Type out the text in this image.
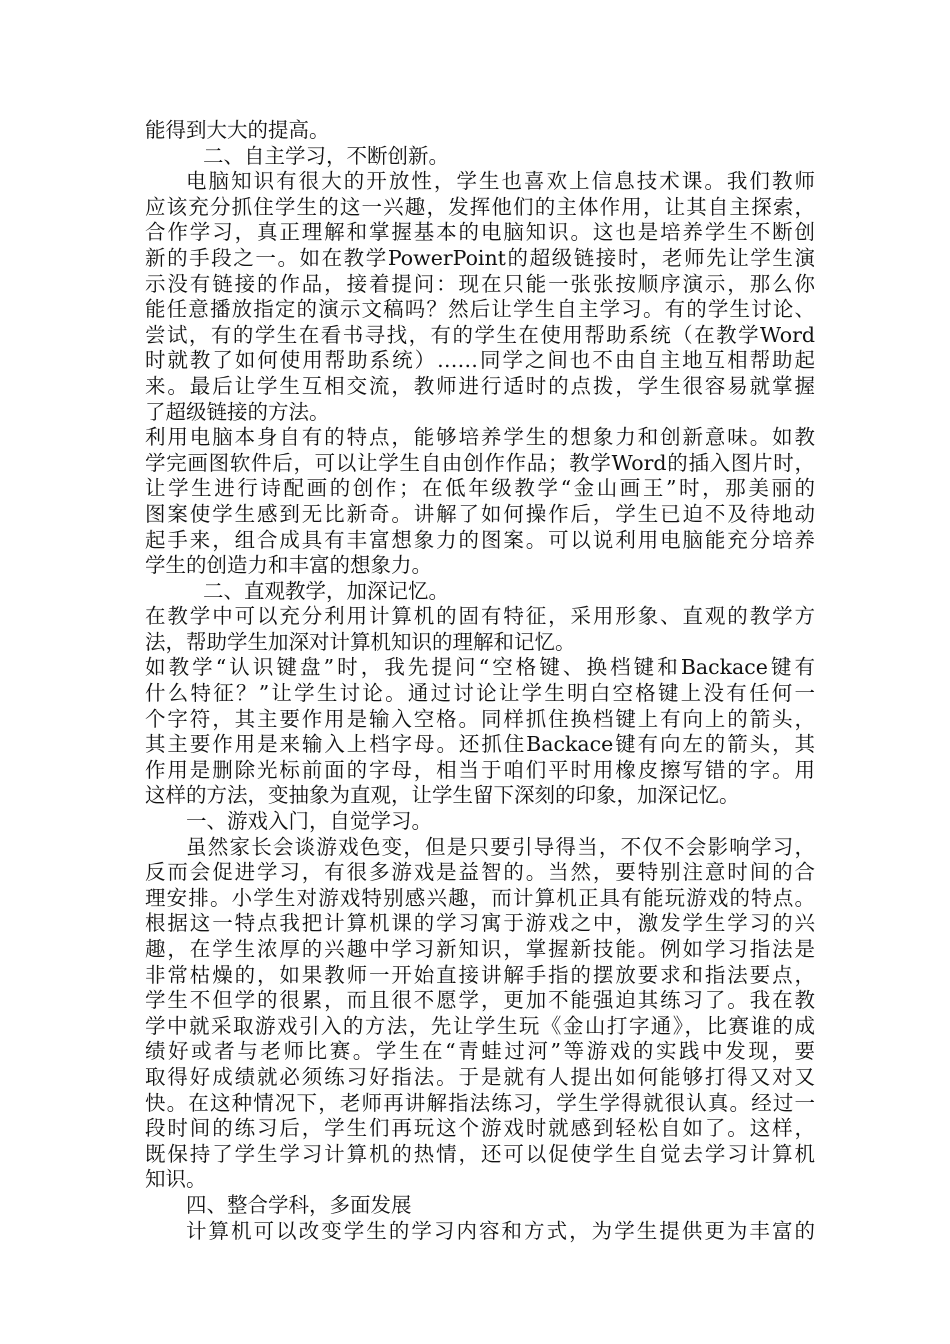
能得到大大的提高。
二、自主学习，不断创新。
电脑知识有很大的开放性，学生也喜欢上信息技术课。我们教师
应该充分抓住学生的这一兴趣，发挥他们的主体作用，让其自主探索，
合作学习，真正理解和掌握基本的电脑知识。这也是培养学生不断创
新的手段之一。如在教学PowerPoint的超级链接时，老师先让学生演
示没有链接的作品，接着提问：现在只能一张张按顺序演示，那么你
能任意播放指定的演示文稿吗？然后让学生自主学习。有的学生讨论、
尝试，有的学生在看书寻找，有的学生在使用帮助系统（在教学Word
时就教了如何使用帮助系统）……同学之间也不由自主地互相帮助起
来。最后让学生互相交流，教师进行适时的点拨，学生很容易就掌握
了超级链接的方法。
利用电脑本身自有的特点，能够培养学生的想象力和创新意味。如教
学完画图软件后，可以让学生自由创作作品；教学Word的插入图片时，
让学生进行诗配画的创作；在低年级教学“金山画王”时，那美丽的
图案使学生感到无比新奇。讲解了如何操作后，学生已迫不及待地动
起手来，组合成具有丰富想象力的图案。可以说利用电脑能充分培养
学生的创造力和丰富的想象力。
二、直观教学，加深记忆。
在教学中可以充分利用计算机的固有特征，采用形象、直观的教学方
法，帮助学生加深对计算机知识的理解和记忆。
如教学“认识键盘”时，我先提问“空格键、换档键和Backace键有
什么特征？”让学生讨论。通过讨论让学生明白空格键上没有任何一
个字符，其主要作用是输入空格。同样抓住换档键上有向上的箭头，
其主要作用是来输入上档字母。还抓住Backace键有向左的箭头，其
作用是删除光标前面的字母，相当于咱们平时用橡皮擦写错的字。用
这样的方法，变抽象为直观，让学生留下深刻的印象，加深记忆。
一、游戏入门，自觉学习。
虽然家长会谈游戏色变，但是只要引导得当，不仅不会影响学习，
反而会促进学习，有很多游戏是益智的。当然，要特别注意时间的合
理安排。小学生对游戏特别感兴趣，而计算机正具有能玩游戏的特点。
根据这一特点我把计算机课的学习寓于游戏之中，激发学生学习的兴
趣，在学生浓厚的兴趣中学习新知识，掌握新技能。例如学习指法是
非常枯燥的，如果教师一开始直接讲解手指的摆放要求和指法要点，
学生不但学的很累，而且很不愿学，更加不能强迫其练习了。我在教
学中就采取游戏引入的方法，先让学生玩《金山打字通》，比赛谁的成
绩好或者与老师比赛。学生在“青蛙过河”等游戏的实践中发现，要
取得好成绩就必须练习好指法。于是就有人提出如何能够打得又对又
快。在这种情况下，老师再讲解指法练习，学生学得就很认真。经过一
段时间的练习后，学生们再玩这个游戏时就感到轻松自如了。这样，
既保持了学生学习计算机的热情，还可以促使学生自觉去学习计算机
知识。
四、整合学科，多面发展
计算机可以改变学生的学习内容和方式，为学生提供更为丰富的
